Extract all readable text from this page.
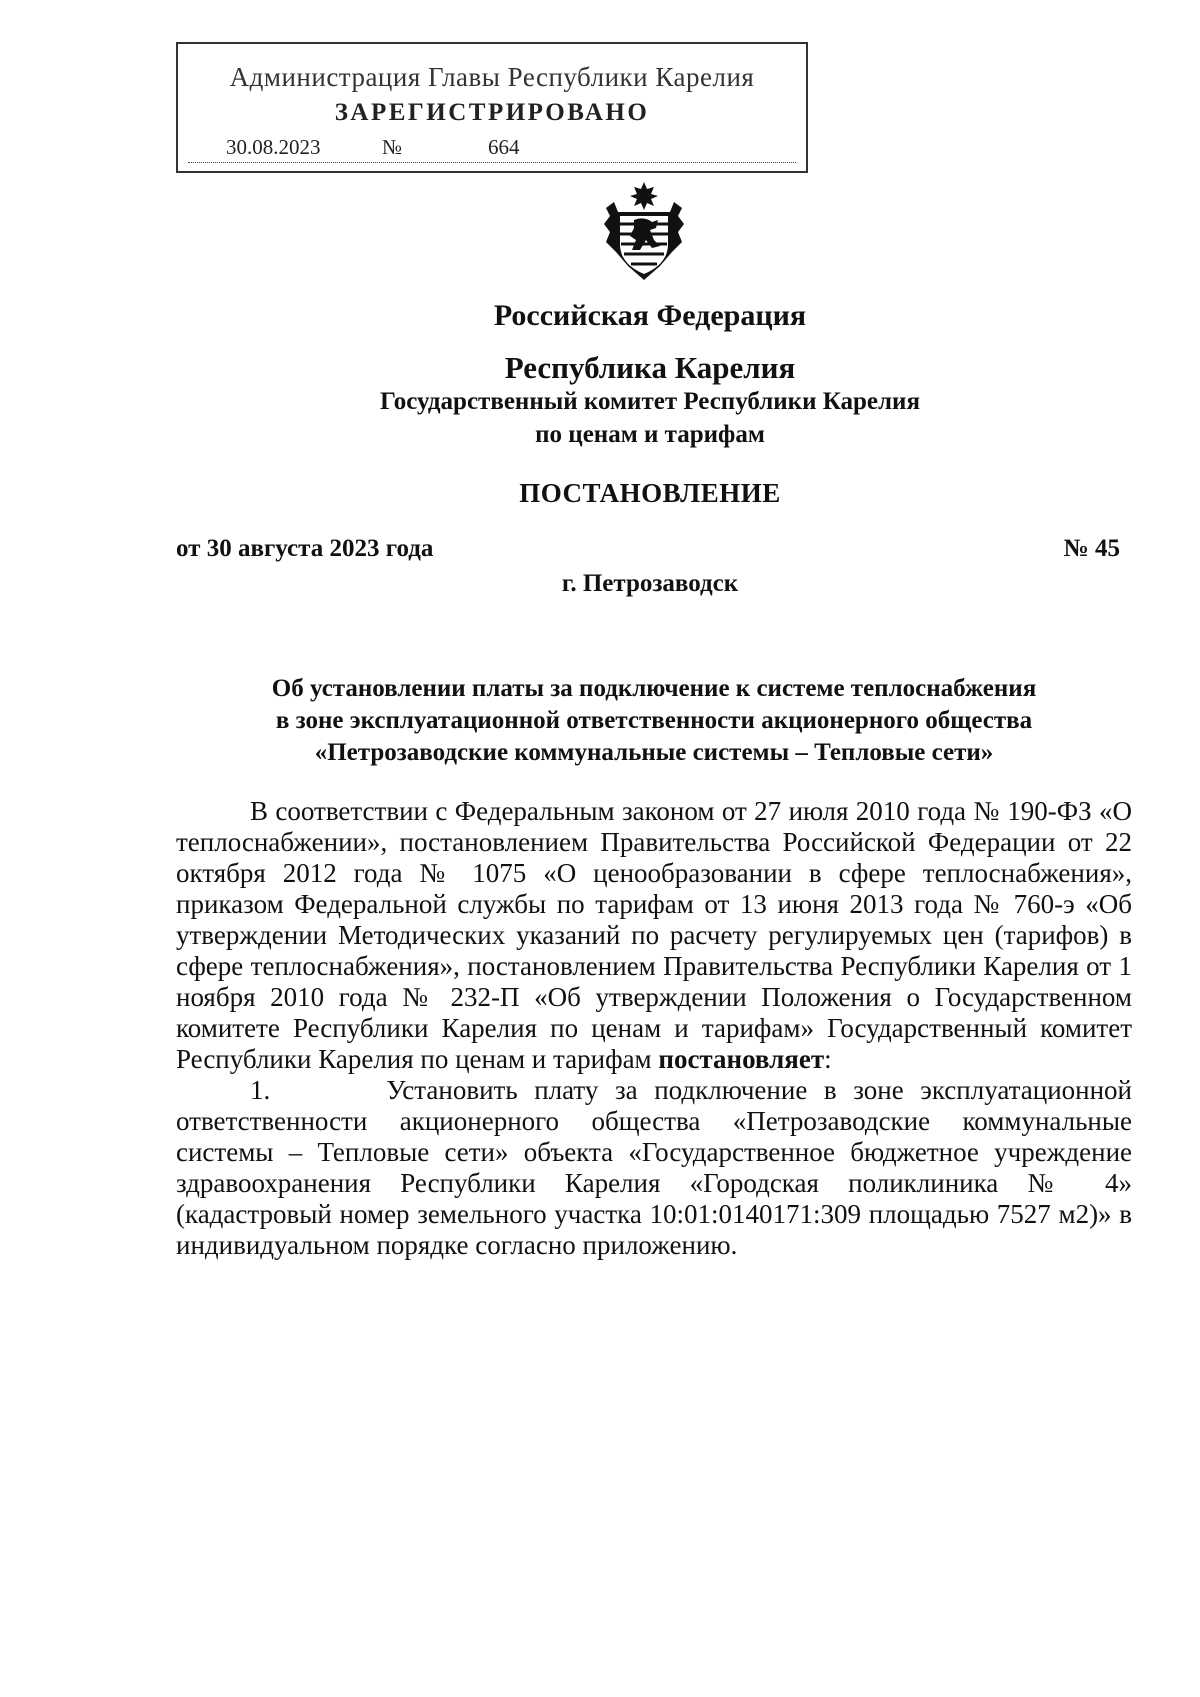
Администрация Главы Республики Карелия
ЗАРЕГИСТРИРОВАНО
30.08.2023	№	664
Российская Федерация
Республика Карелия
Государственный комитет Республики Карелия
по ценам и тарифам
ПОСТАНОВЛЕНИЕ
от 30 августа 2023 года	№ 45
г. Петрозаводск
Об установлении платы за подключение к системе теплоснабжения
в зоне эксплуатационной ответственности акционерного общества
«Петрозаводские коммунальные системы – Тепловые сети»

В соответствии с Федеральным законом от 27 июля 2010 года № 190-ФЗ «О теплоснабжении», постановлением Правительства Российской Федерации от 22 октября 2012 года № 1075 «О ценообразовании в сфере теплоснабжения», приказом Федеральной службы по тарифам от 13 июня 2013 года № 760-э «Об утверждении Методических указаний по расчету регулируемых цен (тарифов) в сфере теплоснабжения», постановлением Правительства Республики Карелия от 1 ноября 2010 года № 232-П «Об утверждении Положения о Государственном комитете Республики Карелия по ценам и тарифам» Государственный комитет Республики Карелия по ценам и тарифам постановляет:

1.	Установить плату за подключение в зоне эксплуатационной ответственности акционерного общества «Петрозаводские коммунальные системы – Тепловые сети» объекта «Государственное бюджетное учреждение здравоохранения Республики Карелия «Городская поликлиника № 4» (кадастровый номер земельного участка 10:01:0140171:309 площадью 7527 м2)» в индивидуальном порядке согласно приложению.
